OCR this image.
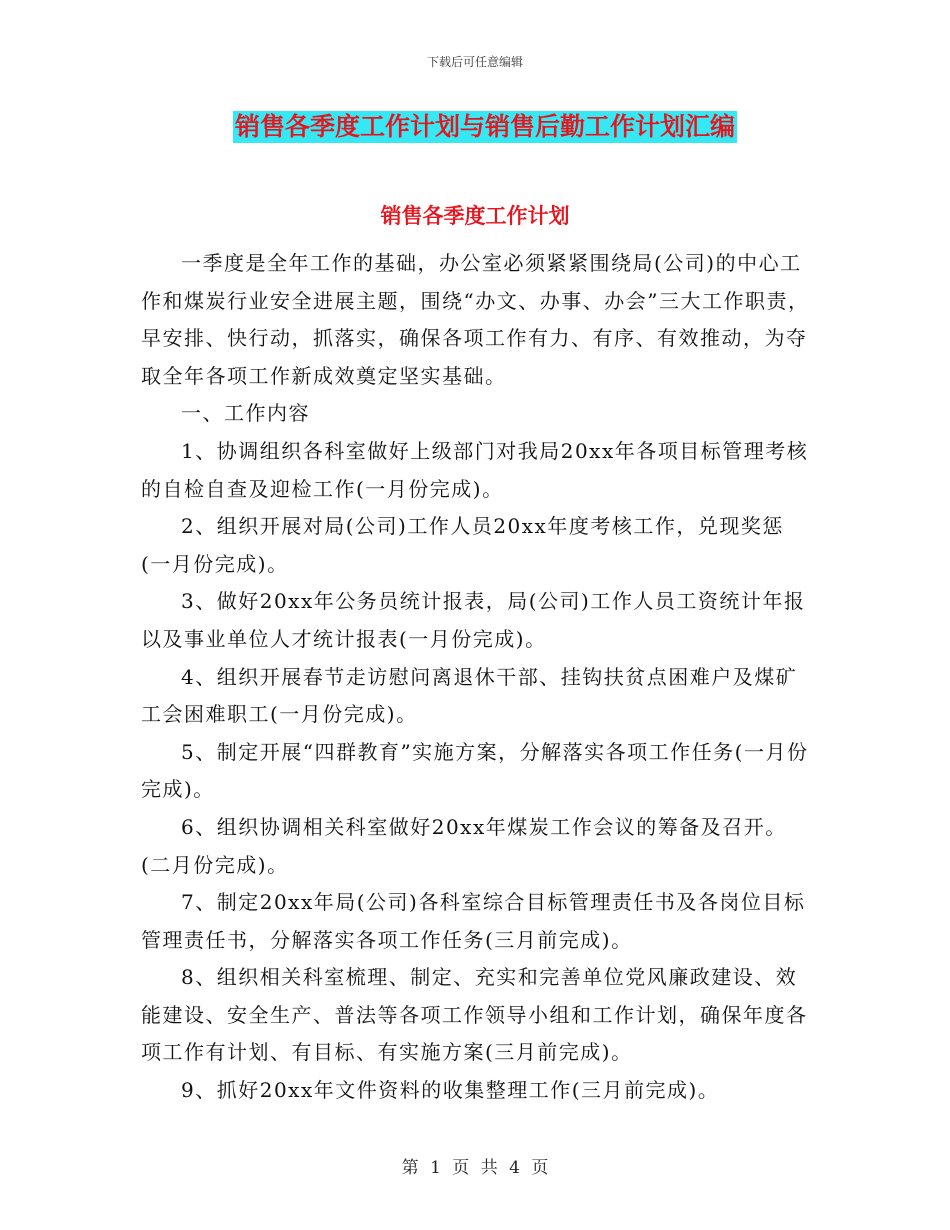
下载后可任意编辑
销售各季度工作计划与销售后勤工作计划汇编
销售各季度工作计划

一季度是全年工作的基础，办公室必须紧紧围绕局(公司)的中心工作和煤炭行业安全进展主题，围绕“办文、办事、办会”三大工作职责，早安排、快行动，抓落实，确保各项工作有力、有序、有效推动，为夺取全年各项工作新成效奠定坚实基础。

一、工作内容

1、协调组织各科室做好上级部门对我局20xx年各项目标管理考核的自检自查及迎检工作(一月份完成)。

2、组织开展对局(公司)工作人员20xx年度考核工作，兑现奖惩(一月份完成)。

3、做好20xx年公务员统计报表，局(公司)工作人员工资统计年报以及事业单位人才统计报表(一月份完成)。

4、组织开展春节走访慰问离退休干部、挂钩扶贫点困难户及煤矿工会困难职工(一月份完成)。

5、制定开展“四群教育”实施方案，分解落实各项工作任务(一月份完成)。

6、组织协调相关科室做好20xx年煤炭工作会议的筹备及召开。(二月份完成)。

7、制定20xx年局(公司)各科室综合目标管理责任书及各岗位目标管理责任书，分解落实各项工作任务(三月前完成)。

8、组织相关科室梳理、制定、充实和完善单位党风廉政建设、效能建设、安全生产、普法等各项工作领导小组和工作计划，确保年度各项工作有计划、有目标、有实施方案(三月前完成)。

9、抓好20xx年文件资料的收集整理工作(三月前完成)。

第 1 页 共 4 页
